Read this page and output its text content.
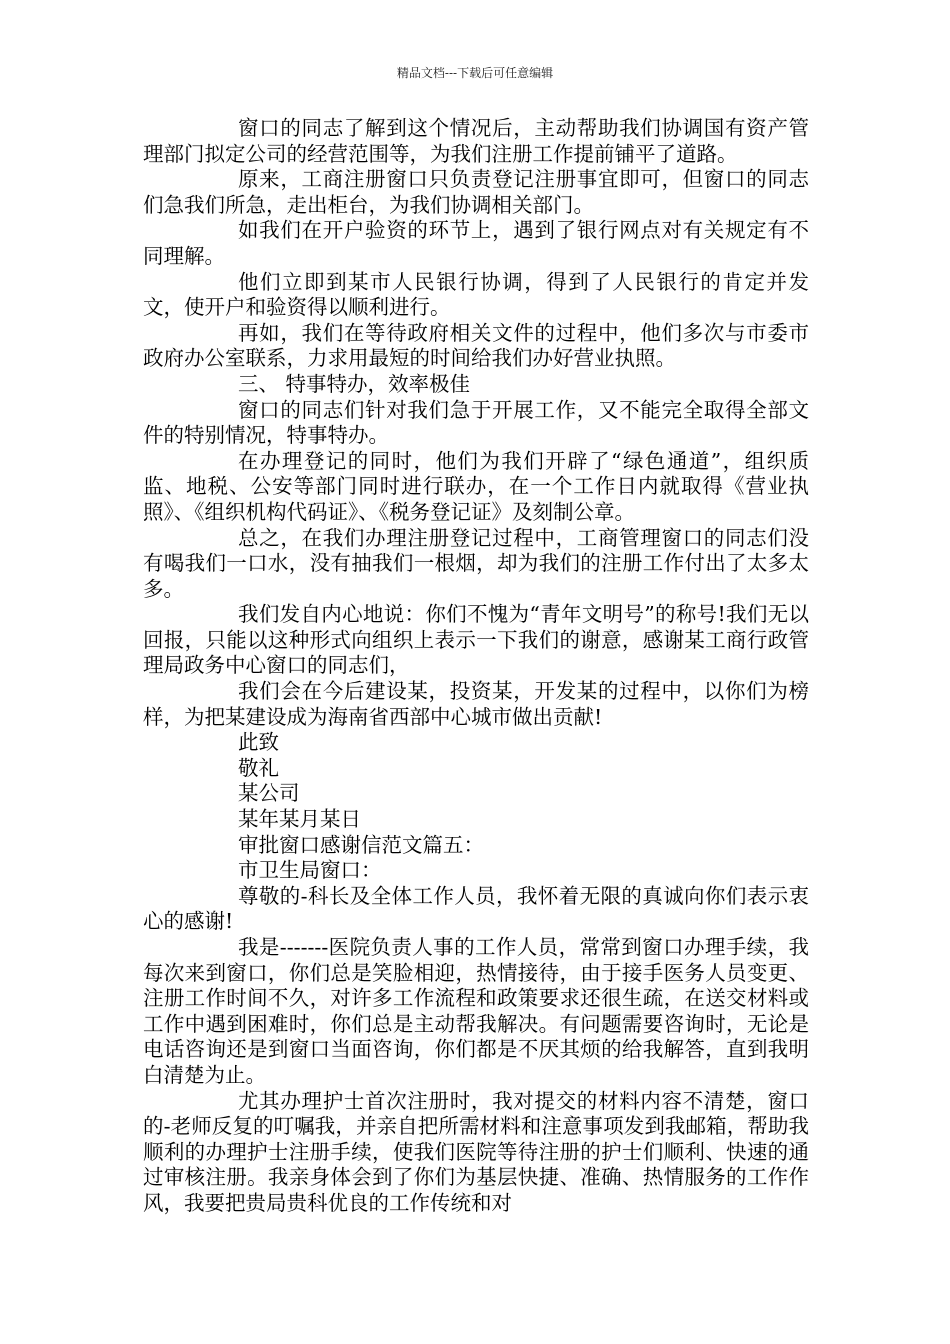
精品文档---下载后可任意编辑

窗口的同志了解到这个情况后，主动帮助我们协调国有资产管理部门拟定公司的经营范围等，为我们注册工作提前铺平了道路。

原来，工商注册窗口只负责登记注册事宜即可，但窗口的同志们急我们所急，走出柜台，为我们协调相关部门。

如我们在开户验资的环节上，遇到了银行网点对有关规定有不同理解。

他们立即到某市人民银行协调，得到了人民银行的肯定并发文，使开户和验资得以顺利进行。

再如，我们在等待政府相关文件的过程中，他们多次与市委市政府办公室联系，力求用最短的时间给我们办好营业执照。

三、 特事特办，效率极佳

窗口的同志们针对我们急于开展工作，又不能完全取得全部文件的特别情况，特事特办。

在办理登记的同时，他们为我们开辟了“绿色通道”，组织质监、地税、公安等部门同时进行联办，在一个工作日内就取得《营业执照》、《组织机构代码证》、《税务登记证》及刻制公章。

总之，在我们办理注册登记过程中，工商管理窗口的同志们没有喝我们一口水，没有抽我们一根烟，却为我们的注册工作付出了太多太多。

我们发自内心地说：你们不愧为“青年文明号”的称号!我们无以回报，只能以这种形式向组织上表示一下我们的谢意，感谢某工商行政管理局政务中心窗口的同志们，

我们会在今后建设某，投资某，开发某的过程中，以你们为榜样，为把某建设成为海南省西部中心城市做出贡献!

此致

敬礼

某公司

某年某月某日

审批窗口感谢信范文篇五：

市卫生局窗口：

尊敬的-科长及全体工作人员，我怀着无限的真诚向你们表示衷心的感谢!

我是-------医院负责人事的工作人员，常常到窗口办理手续，我每次来到窗口，你们总是笑脸相迎，热情接待，由于接手医务人员变更、注册工作时间不久，对许多工作流程和政策要求还很生疏，在送交材料或工作中遇到困难时，你们总是主动帮我解决。有问题需要咨询时，无论是电话咨询还是到窗口当面咨询，你们都是不厌其烦的给我解答，直到我明白清楚为止。

尤其办理护士首次注册时，我对提交的材料内容不清楚，窗口的-老师反复的叮嘱我，并亲自把所需材料和注意事项发到我邮箱，帮助我顺利的办理护士注册手续，使我们医院等待注册的护士们顺利、快速的通过审核注册。我亲身体会到了你们为基层快捷、准确、热情服务的工作作风，我要把贵局贵科优良的工作传统和对
